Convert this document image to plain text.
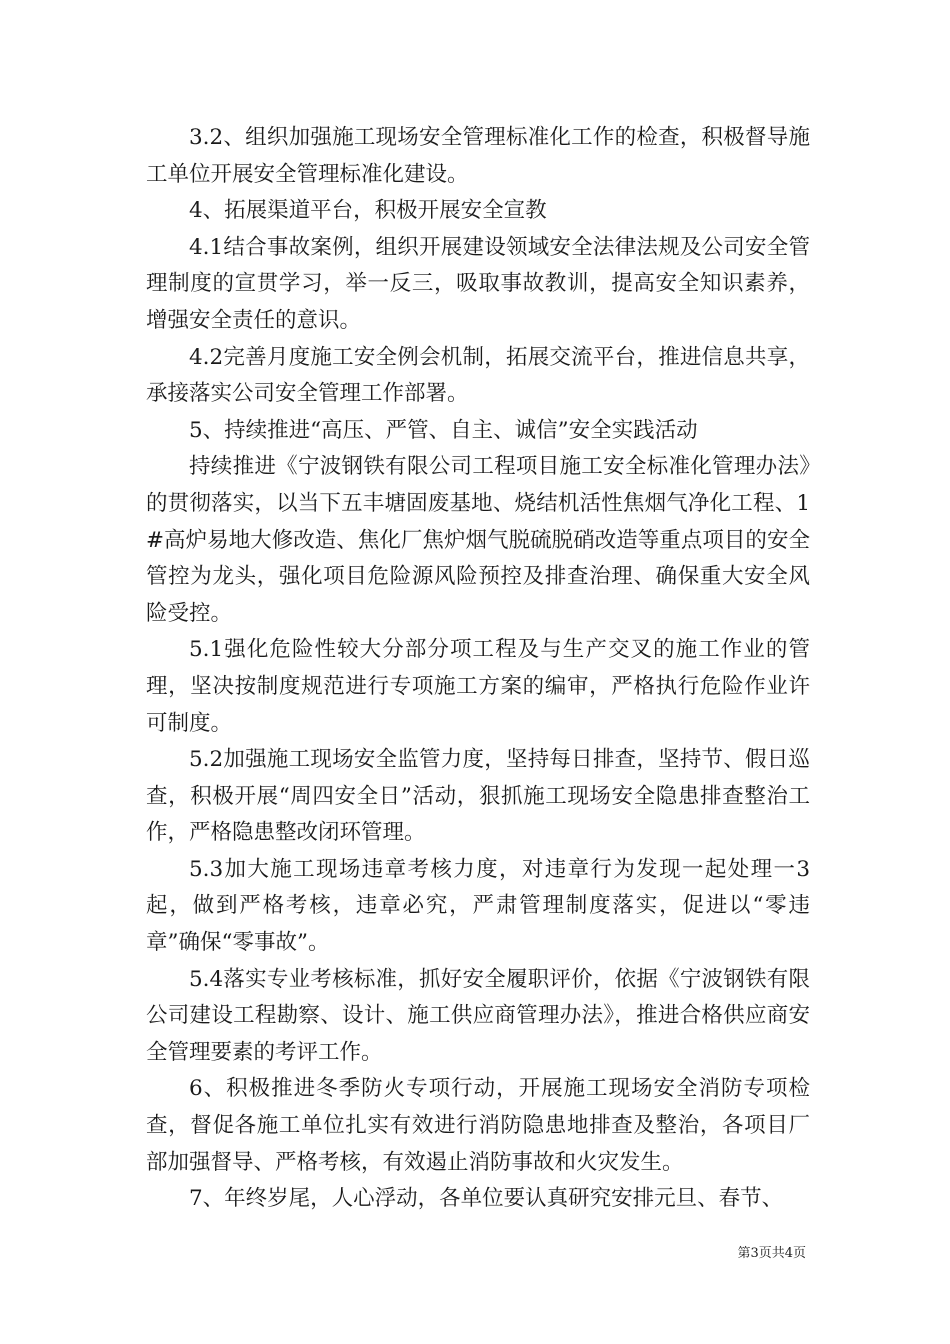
3.2、组织加强施工现场安全管理标准化工作的检查，积极督导施工单位开展安全管理标准化建设。

4、拓展渠道平台，积极开展安全宣教

4.1结合事故案例，组织开展建设领域安全法律法规及公司安全管理制度的宣贯学习，举一反三，吸取事故教训，提高安全知识素养，增强安全责任的意识。

4.2完善月度施工安全例会机制，拓展交流平台，推进信息共享，承接落实公司安全管理工作部署。

5、持续推进“高压、严管、自主、诚信”安全实践活动

持续推进《宁波钢铁有限公司工程项目施工安全标准化管理办法》的贯彻落实，以当下五丰塘固废基地、烧结机活性焦烟气净化工程、1#高炉易地大修改造、焦化厂焦炉烟气脱硫脱硝改造等重点项目的安全管控为龙头，强化项目危险源风险预控及排查治理、确保重大安全风险受控。

5.1强化危险性较大分部分项工程及与生产交叉的施工作业的管理，坚决按制度规范进行专项施工方案的编审，严格执行危险作业许可制度。

5.2加强施工现场安全监管力度，坚持每日排查，坚持节、假日巡查，积极开展“周四安全日”活动，狠抓施工现场安全隐患排查整治工作，严格隐患整改闭环管理。

5.3加大施工现场违章考核力度，对违章行为发现一起处理一3起，做到严格考核，违章必究，严肃管理制度落实，促进以“零违章”确保“零事故”。

5.4落实专业考核标准，抓好安全履职评价，依据《宁波钢铁有限公司建设工程勘察、设计、施工供应商管理办法》，推进合格供应商安全管理要素的考评工作。

6、积极推进冬季防火专项行动，开展施工现场安全消防专项检查，督促各施工单位扎实有效进行消防隐患地排查及整治，各项目厂部加强督导、严格考核，有效遏止消防事故和火灾发生。

7、年终岁尾，人心浮动，各单位要认真研究安排元旦、春节、

第3页共4页
